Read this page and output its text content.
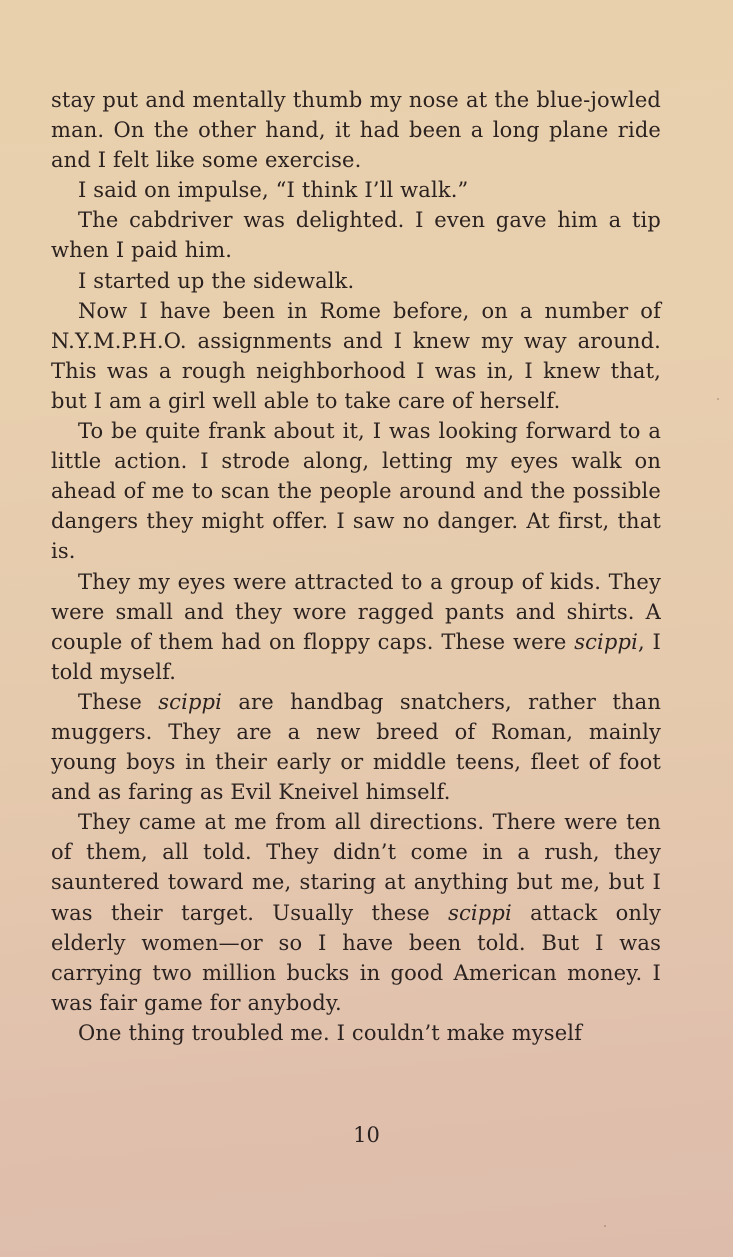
stay put and mentally thumb my nose at the blue-jowled man. On the other hand, it had been a long plane ride and I felt like some exercise.

I said on impulse, “I think I’ll walk.”

The cabdriver was delighted. I even gave him a tip when I paid him.

I started up the sidewalk.

Now I have been in Rome before, on a number of N.Y.M.P.H.O. assignments and I knew my way around. This was a rough neighborhood I was in, I knew that, but I am a girl well able to take care of herself.

To be quite frank about it, I was looking forward to a little action. I strode along, letting my eyes walk on ahead of me to scan the people around and the possible dangers they might offer. I saw no danger. At first, that is.

They my eyes were attracted to a group of kids. They were small and they wore ragged pants and shirts. A couple of them had on floppy caps. These were scippi, I told myself.

These scippi are handbag snatchers, rather than muggers. They are a new breed of Roman, mainly young boys in their early or middle teens, fleet of foot and as faring as Evil Kneivel himself.

They came at me from all directions. There were ten of them, all told. They didn’t come in a rush, they sauntered toward me, staring at anything but me, but I was their target. Usually these scippi attack only elderly women—or so I have been told. But I was carrying two million bucks in good American money. I was fair game for anybody.

One thing troubled me. I couldn’t make myself

10
